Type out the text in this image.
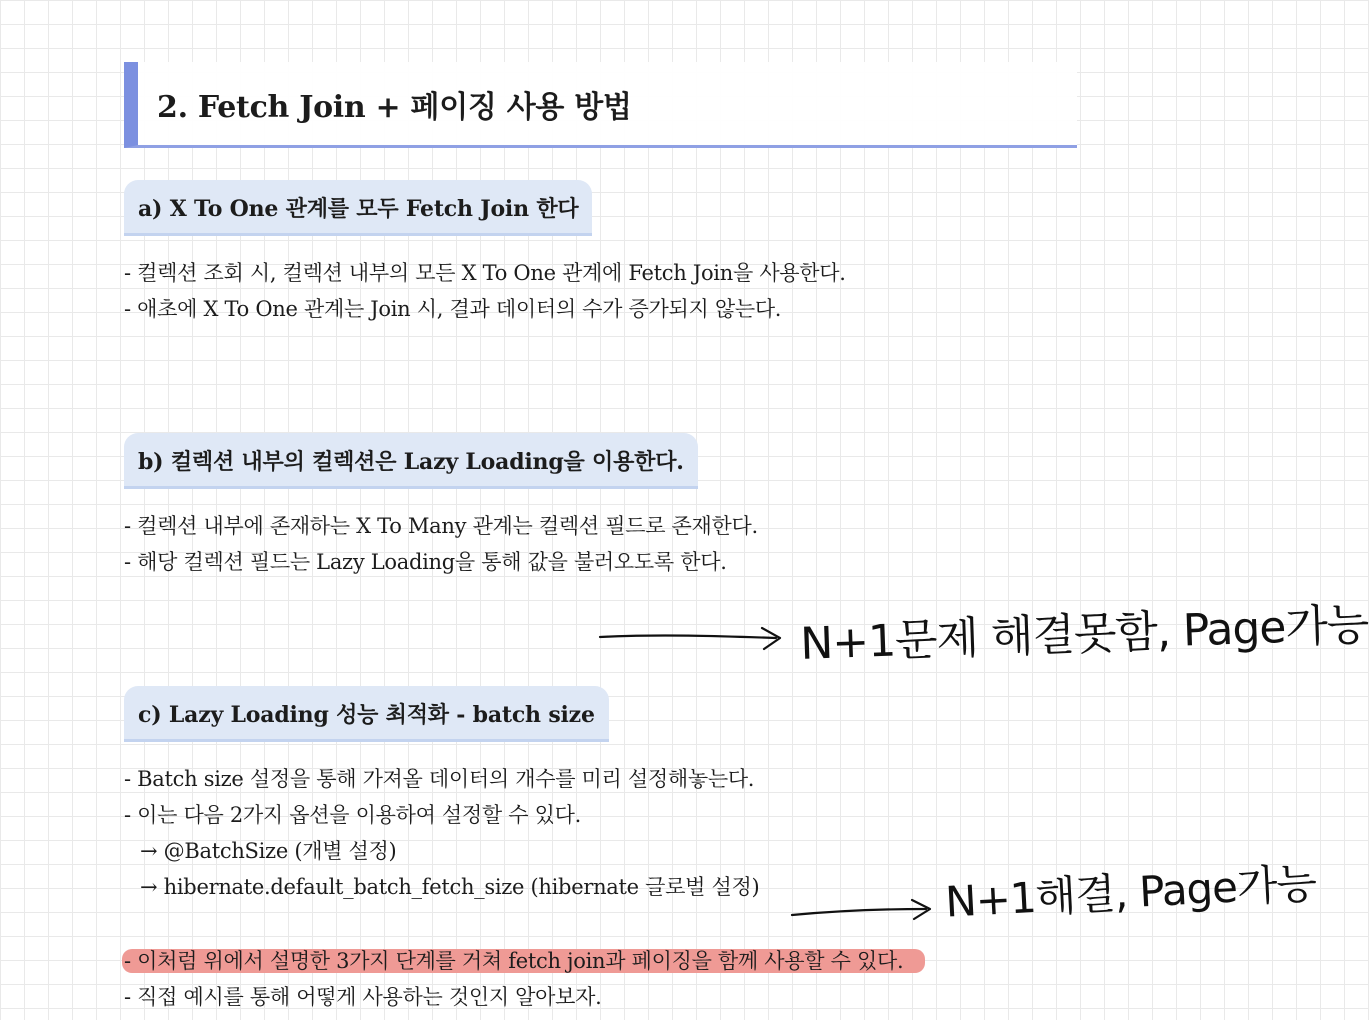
2. Fetch Join + 페이징 사용 방법
a) X To One 관계를 모두 Fetch Join 한다
- 컬렉션 조회 시, 컬렉션 내부의 모든 X To One 관계에 Fetch Join을 사용한다.
- 애초에 X To One 관계는 Join 시, 결과 데이터의 수가 증가되지 않는다.
b) 컬렉션 내부의 컬렉션은 Lazy Loading을 이용한다.
- 컬렉션 내부에 존재하는 X To Many 관계는 컬렉션 필드로 존재한다.
- 해당 컬렉션 필드는 Lazy Loading을 통해 값을 불러오도록 한다.
N+1문제 해결못함, Page가능
c) Lazy Loading 성능 최적화 - batch size
- Batch size 설정을 통해 가져올 데이터의 개수를 미리 설정해놓는다.
- 이는 다음 2가지 옵션을 이용하여 설정할 수 있다.
→ @BatchSize (개별 설정)
→ hibernate.default_batch_fetch_size (hibernate 글로벌 설정)	N+1해결, Page가능
- 이처럼 위에서 설명한 3가지 단계를 거쳐 fetch join과 페이징을 함께 사용할 수 있다.
- 직접 예시를 통해 어떻게 사용하는 것인지 알아보자.
